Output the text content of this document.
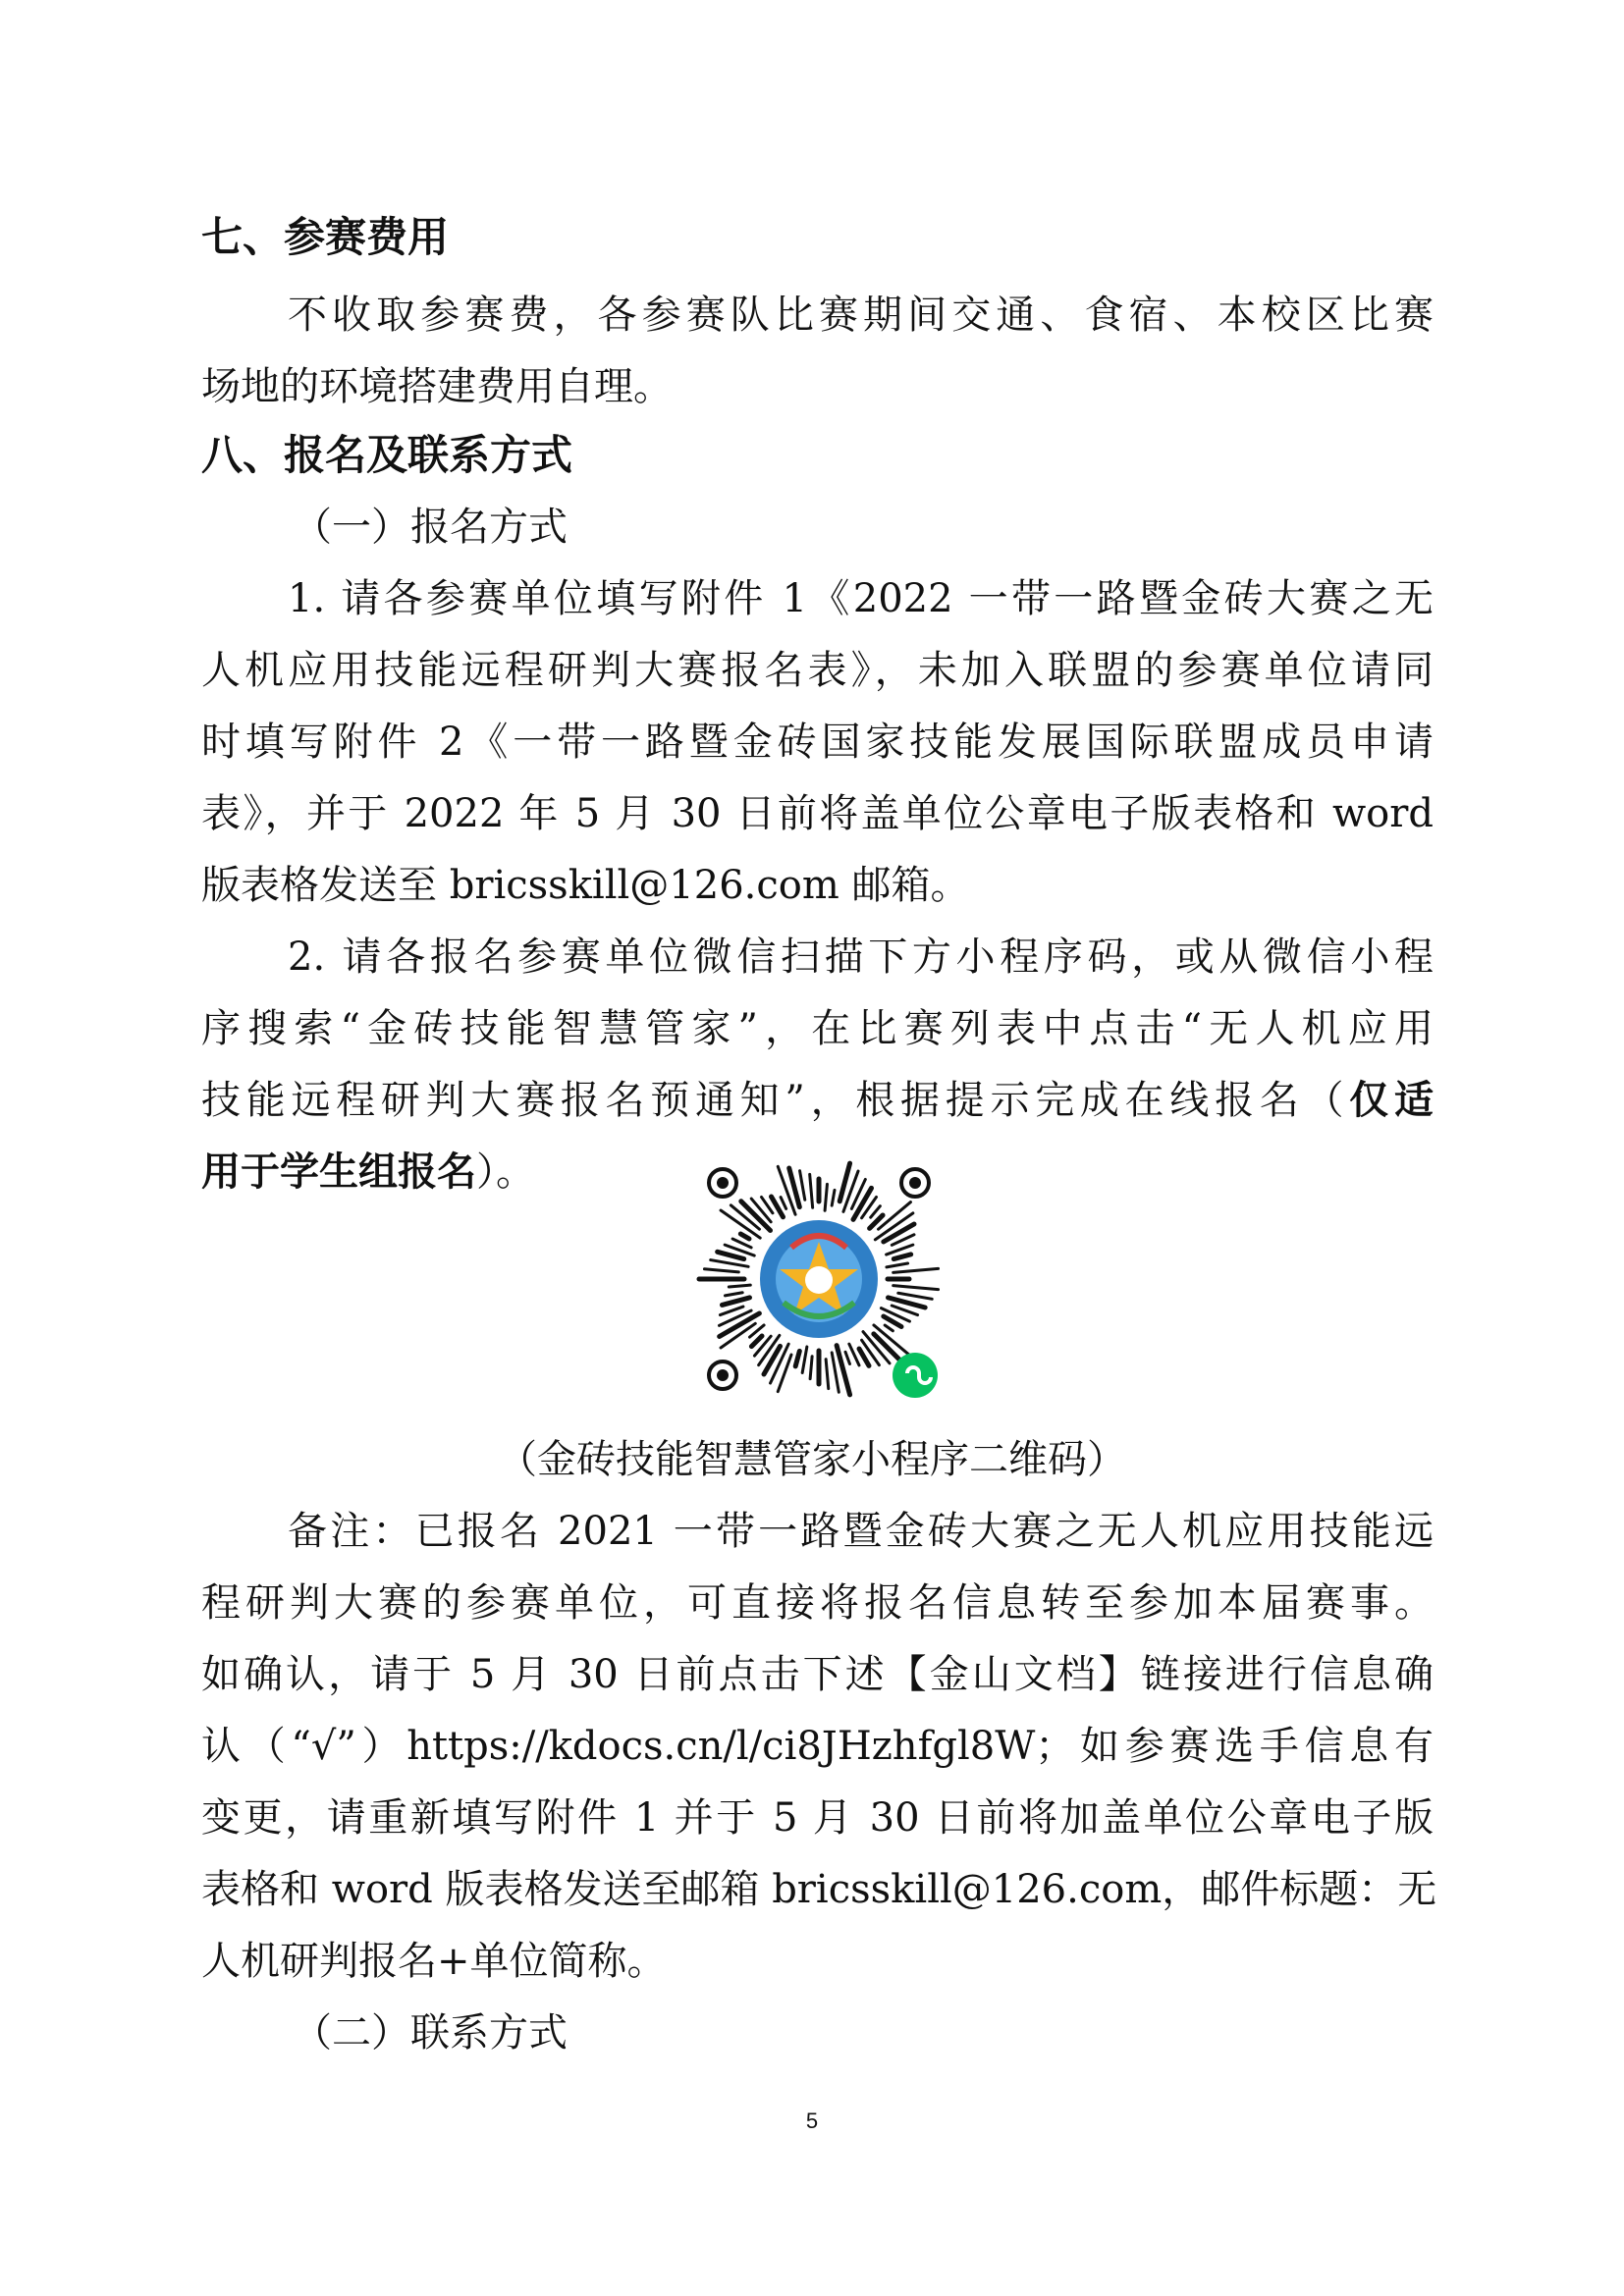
七、参赛费用
不收取参赛费，各参赛队比赛期间交通、食宿、本校区比赛
场地的环境搭建费用自理。
八、报名及联系方式
（一）报名方式
1. 请各参赛单位填写附件 1《2022 一带一路暨金砖大赛之无
人机应用技能远程研判大赛报名表》，未加入联盟的参赛单位请同
时填写附件 2《一带一路暨金砖国家技能发展国际联盟成员申请
表》，并于 2022 年 5 月 30 日前将盖单位公章电子版表格和 word
版表格发送至 bricsskill@126.com 邮箱。
2. 请各报名参赛单位微信扫描下方小程序码，或从微信小程
序搜索“金砖技能智慧管家”，在比赛列表中点击“无人机应用
技能远程研判大赛报名预通知”，根据提示完成在线报名（仅适
用于学生组报名）。
（金砖技能智慧管家小程序二维码）
备注：已报名 2021 一带一路暨金砖大赛之无人机应用技能远
程研判大赛的参赛单位，可直接将报名信息转至参加本届赛事。
如确认，请于 5 月 30 日前点击下述【金山文档】链接进行信息确
认（“√”）https://kdocs.cn/l/ci8JHzhfgl8W；如参赛选手信息有
变更，请重新填写附件 1 并于 5 月 30 日前将加盖单位公章电子版
表格和 word 版表格发送至邮箱 bricsskill@126.com，邮件标题：无
人机研判报名+单位简称。
（二）联系方式
5
